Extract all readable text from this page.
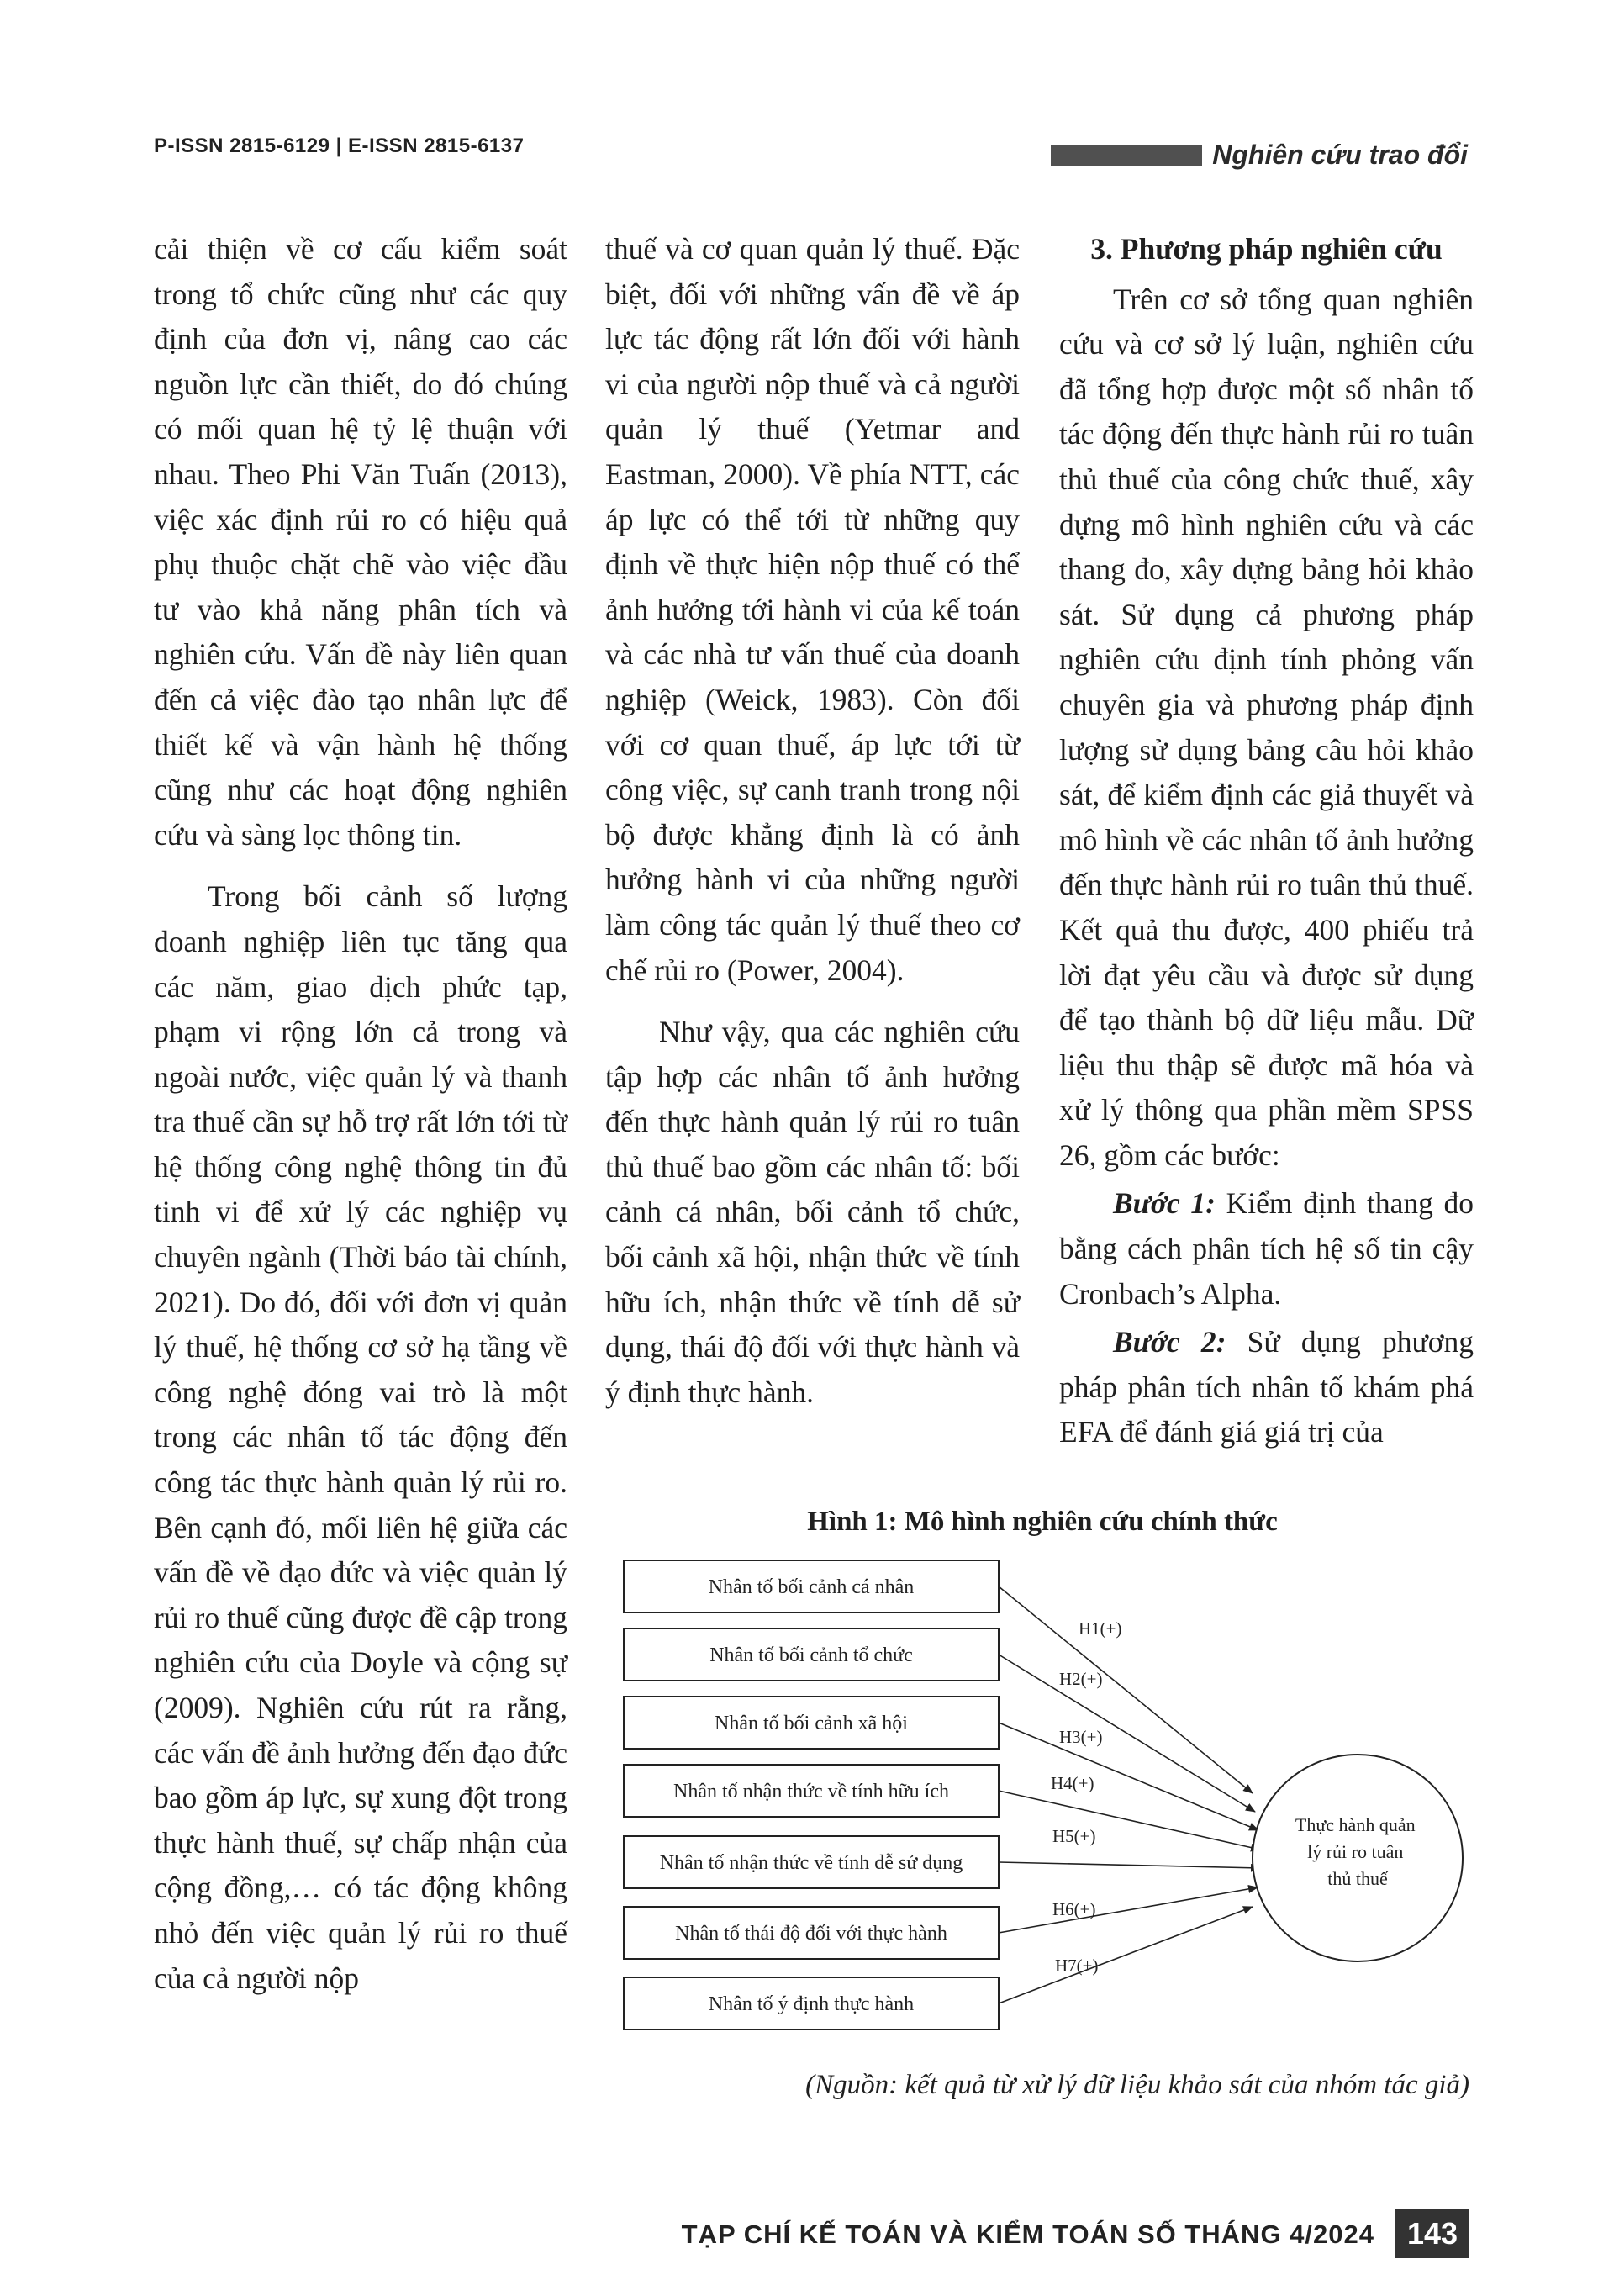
P-ISSN 2815-6129 | E-ISSN 2815-6137	Nghiên cứu trao đổi

cải thiện về cơ cấu kiểm soát trong tổ chức cũng như các quy định của đơn vị, nâng cao các nguồn lực cần thiết, do đó chúng có mối quan hệ tỷ lệ thuận với nhau. Theo Phi Văn Tuấn (2013), việc xác định rủi ro có hiệu quả phụ thuộc chặt chẽ vào việc đầu tư vào khả năng phân tích và nghiên cứu. Vấn đề này liên quan đến cả việc đào tạo nhân lực để thiết kế và vận hành hệ thống cũng như các hoạt động nghiên cứu và sàng lọc thông tin.

Trong bối cảnh số lượng doanh nghiệp liên tục tăng qua các năm, giao dịch phức tạp, phạm vi rộng lớn cả trong và ngoài nước, việc quản lý và thanh tra thuế cần sự hỗ trợ rất lớn tới từ hệ thống công nghệ thông tin đủ tinh vi để xử lý các nghiệp vụ chuyên ngành (Thời báo tài chính, 2021). Do đó, đối với đơn vị quản lý thuế, hệ thống cơ sở hạ tầng về công nghệ đóng vai trò là một trong các nhân tố tác động đến công tác thực hành quản lý rủi ro. Bên cạnh đó, mối liên hệ giữa các vấn đề về đạo đức và việc quản lý rủi ro thuế cũng được đề cập trong nghiên cứu của Doyle và cộng sự (2009). Nghiên cứu rút ra rằng, các vấn đề ảnh hưởng đến đạo đức bao gồm áp lực, sự xung đột trong thực hành thuế, sự chấp nhận của cộng đồng,… có tác động không nhỏ đến việc quản lý rủi ro thuế của cả người nộp

thuế và cơ quan quản lý thuế. Đặc biệt, đối với những vấn đề về áp lực tác động rất lớn đối với hành vi của người nộp thuế và cả người quản lý thuế (Yetmar and Eastman, 2000). Về phía NTT, các áp lực có thể tới từ những quy định về thực hiện nộp thuế có thể ảnh hưởng tới hành vi của kế toán và các nhà tư vấn thuế của doanh nghiệp (Weick, 1983). Còn đối với cơ quan thuế, áp lực tới từ công việc, sự canh tranh trong nội bộ được khẳng định là có ảnh hưởng hành vi của những người làm công tác quản lý thuế theo cơ chế rủi ro (Power, 2004).

Như vậy, qua các nghiên cứu tập hợp các nhân tố ảnh hưởng đến thực hành quản lý rủi ro tuân thủ thuế bao gồm các nhân tố: bối cảnh cá nhân, bối cảnh tổ chức, bối cảnh xã hội, nhận thức về tính hữu ích, nhận thức về tính dễ sử dụng, thái độ đối với thực hành và ý định thực hành.

3. Phương pháp nghiên cứu

Trên cơ sở tổng quan nghiên cứu và cơ sở lý luận, nghiên cứu đã tổng hợp được một số nhân tố tác động đến thực hành rủi ro tuân thủ thuế của công chức thuế, xây dựng mô hình nghiên cứu và các thang đo, xây dựng bảng hỏi khảo sát. Sử dụng cả phương pháp nghiên cứu định tính phỏng vấn chuyên gia và phương pháp định lượng sử dụng bảng câu hỏi khảo sát, để kiểm định các giả thuyết và mô hình về các nhân tố ảnh hưởng đến thực hành rủi ro tuân thủ thuế. Kết quả thu được, 400 phiếu trả lời đạt yêu cầu và được sử dụng để tạo thành bộ dữ liệu mẫu. Dữ liệu thu thập sẽ được mã hóa và xử lý thông qua phần mềm SPSS 26, gồm các bước:

Bước 1: Kiểm định thang đo bằng cách phân tích hệ số tin cậy Cronbach’s Alpha.

Bước 2: Sử dụng phương pháp phân tích nhân tố khám phá EFA để đánh giá giá trị của

Hình 1: Mô hình nghiên cứu chính thức
Nhân tố bối cảnh cá nhân
Nhân tố bối cảnh tổ chức
Nhân tố bối cảnh xã hội
Nhân tố nhận thức về tính hữu ích
Nhân tố nhận thức về tính dễ sử dụng
Nhân tố thái độ đối với thực hành
Nhân tố ý định thực hành
H1(+)
H2(+)
H3(+)
H4(+)
H5(+)
H6(+)
H7(+)
Thực hành quản lý rủi ro tuân thủ thuế
(Nguồn: kết quả từ xử lý dữ liệu khảo sát của nhóm tác giả)
TẠP CHÍ KẾ TOÁN VÀ KIỂM TOÁN SỐ THÁNG 4/2024	143
